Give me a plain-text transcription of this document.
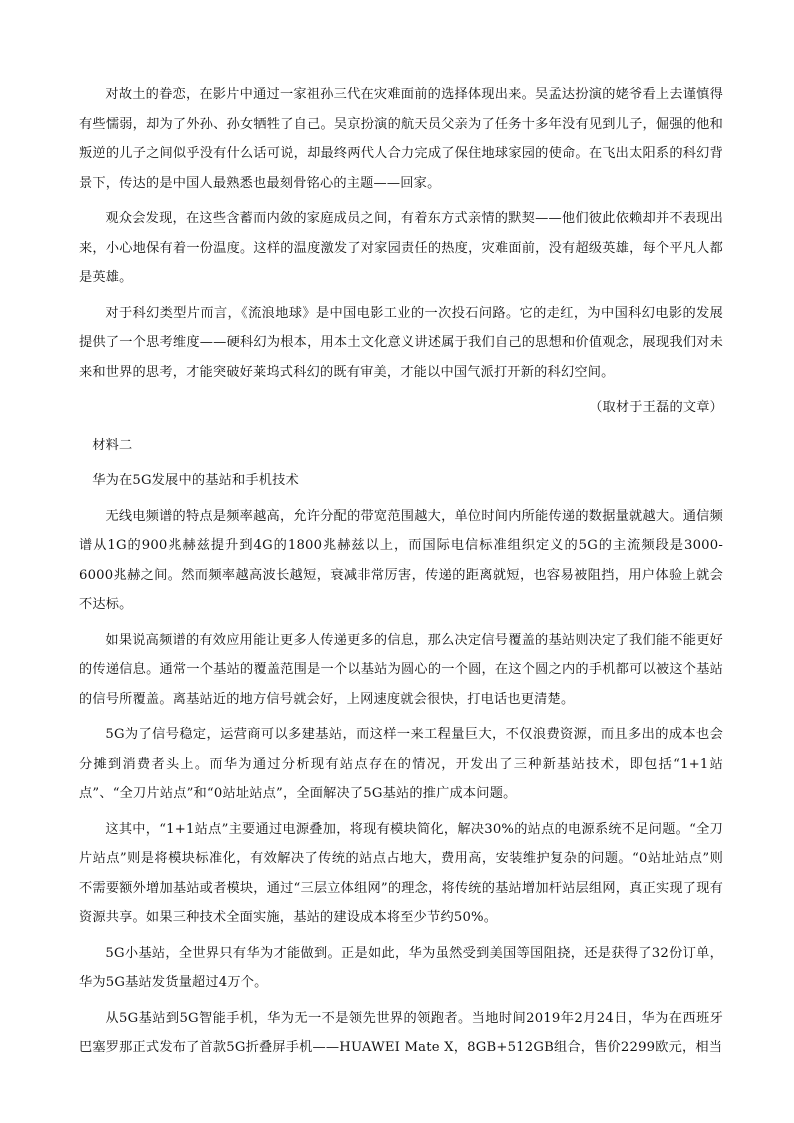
对故土的眷恋，在影片中通过一家祖孙三代在灾难面前的选择体现出来。吴孟达扮演的姥爷看上去谨慎得有些懦弱，却为了外孙、孙女牺牲了自己。吴京扮演的航天员父亲为了任务十多年没有见到儿子，倔强的他和叛逆的儿子之间似乎没有什么话可说，却最终两代人合力完成了保住地球家园的使命。在飞出太阳系的科幻背景下，传达的是中国人最熟悉也最刻骨铭心的主题——回家。

观众会发现，在这些含蓄而内敛的家庭成员之间，有着东方式亲情的默契——他们彼此依赖却并不表现出来，小心地保有着一份温度。这样的温度激发了对家园责任的热度，灾难面前，没有超级英雄，每个平凡人都是英雄。

对于科幻类型片而言，《流浪地球》是中国电影工业的一次投石问路。它的走红，为中国科幻电影的发展提供了一个思考维度——硬科幻为根本，用本土文化意义讲述属于我们自己的思想和价值观念，展现我们对未来和世界的思考，才能突破好莱坞式科幻的既有审美，才能以中国气派打开新的科幻空间。

（取材于王磊的文章）
材料二
华为在5G发展中的基站和手机技术

无线电频谱的特点是频率越高，允许分配的带宽范围越大，单位时间内所能传递的数据量就越大。通信频谱从1G的900兆赫兹提升到4G的1800兆赫兹以上，而国际电信标准组织定义的5G的主流频段是3000-6000兆赫之间。然而频率越高波长越短，衰减非常厉害，传递的距离就短，也容易被阻挡，用户体验上就会不达标。

如果说高频谱的有效应用能让更多人传递更多的信息，那么决定信号覆盖的基站则决定了我们能不能更好的传递信息。通常一个基站的覆盖范围是一个以基站为圆心的一个圆，在这个圆之内的手机都可以被这个基站的信号所覆盖。离基站近的地方信号就会好，上网速度就会很快，打电话也更清楚。

5G为了信号稳定，运营商可以多建基站，而这样一来工程量巨大，不仅浪费资源，而且多出的成本也会分摊到消费者头上。而华为通过分析现有站点存在的情况，开发出了三种新基站技术，即包括“1+1站点”、“全刀片站点”和“0站址站点”，全面解决了5G基站的推广成本问题。

这其中，“1+1站点”主要通过电源叠加，将现有模块简化，解决30%的站点的电源系统不足问题。“全刀片站点”则是将模块标准化，有效解决了传统的站点占地大，费用高，安装维护复杂的问题。“0站址站点”则不需要额外增加基站或者模块，通过“三层立体组网”的理念，将传统的基站增加杆站层组网，真正实现了现有资源共享。如果三种技术全面实施，基站的建设成本将至少节约50%。

5G小基站，全世界只有华为才能做到。正是如此，华为虽然受到美国等国阻挠，还是获得了32份订单，华为5G基站发货量超过4万个。

从5G基站到5G智能手机，华为无一不是领先世界的领跑者。当地时间2019年2月24日，华为在西班牙巴塞罗那正式发布了首款5G折叠屏手机——HUAWEI Mate X，8GB+512GB组合，售价2299欧元，相当
